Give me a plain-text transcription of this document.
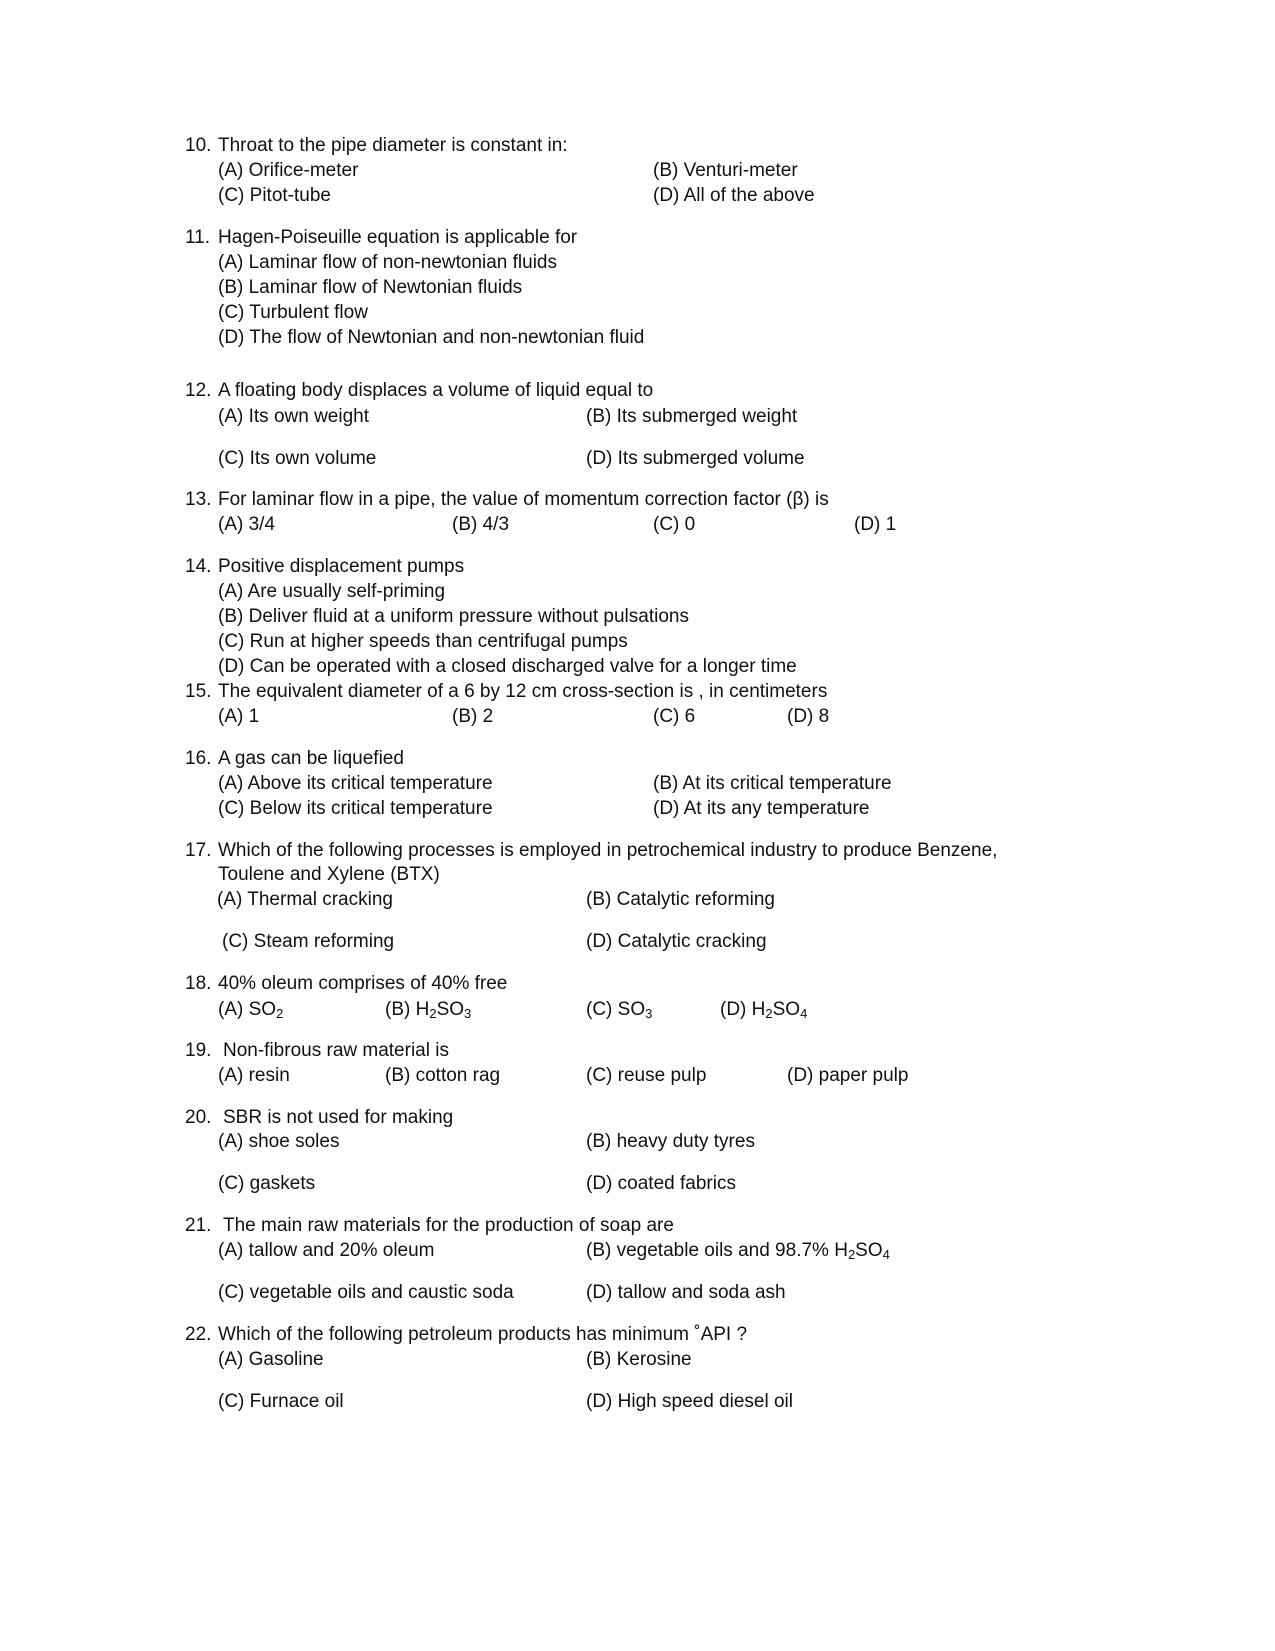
10. Throat to the pipe diameter is constant in:
(A) Orifice-meter	(B) Venturi-meter
(C) Pitot-tube	(D) All of the above
11. Hagen-Poiseuille equation is applicable for
(A) Laminar flow of non-newtonian fluids
(B) Laminar flow of Newtonian fluids
(C) Turbulent flow
(D) The flow of Newtonian and non-newtonian fluid
12. A floating body displaces a volume of liquid equal to
(A) Its own weight	(B) Its submerged weight
(C) Its own volume	(D) Its submerged volume
13. For laminar flow in a pipe, the value of momentum correction factor (β) is
(A) 3/4	(B) 4/3	(C) 0	(D) 1
14. Positive displacement pumps
(A) Are usually self-priming
(B) Deliver fluid at a uniform pressure without pulsations
(C) Run at higher speeds than centrifugal pumps
(D) Can be operated with a closed discharged valve for a longer time
15. The equivalent diameter of a 6 by 12 cm cross-section is , in centimeters
(A) 1	(B) 2	(C) 6	(D) 8
16. A gas can be liquefied
(A) Above its critical temperature	(B) At its critical temperature
(C) Below its critical temperature	(D) At its any temperature
17. Which of the following processes is employed in petrochemical industry to produce Benzene,
Toulene and Xylene (BTX)
(A) Thermal cracking	(B) Catalytic reforming
(C) Steam reforming	(D) Catalytic cracking
18. 40% oleum comprises of 40% free
(A) $SO_2$	(B) $H_2SO_3$	(C) $SO_3$	(D) $H_2SO_4$
19. Non-fibrous raw material is
(A) resin	(B) cotton rag	(C) reuse pulp	(D) paper pulp
20. SBR is not used for making
(A) shoe soles	(B) heavy duty tyres
(C) gaskets	(D) coated fabrics
21. The main raw materials for the production of soap are
(A) tallow and 20% oleum	(B) vegetable oils and 98.7% $H_2SO_4$
(C) vegetable oils and caustic soda	(D) tallow and soda ash
22. Which of the following petroleum products has minimum ˚API ?
(A) Gasoline	(B) Kerosine
(C) Furnace oil	(D) High speed diesel oil
